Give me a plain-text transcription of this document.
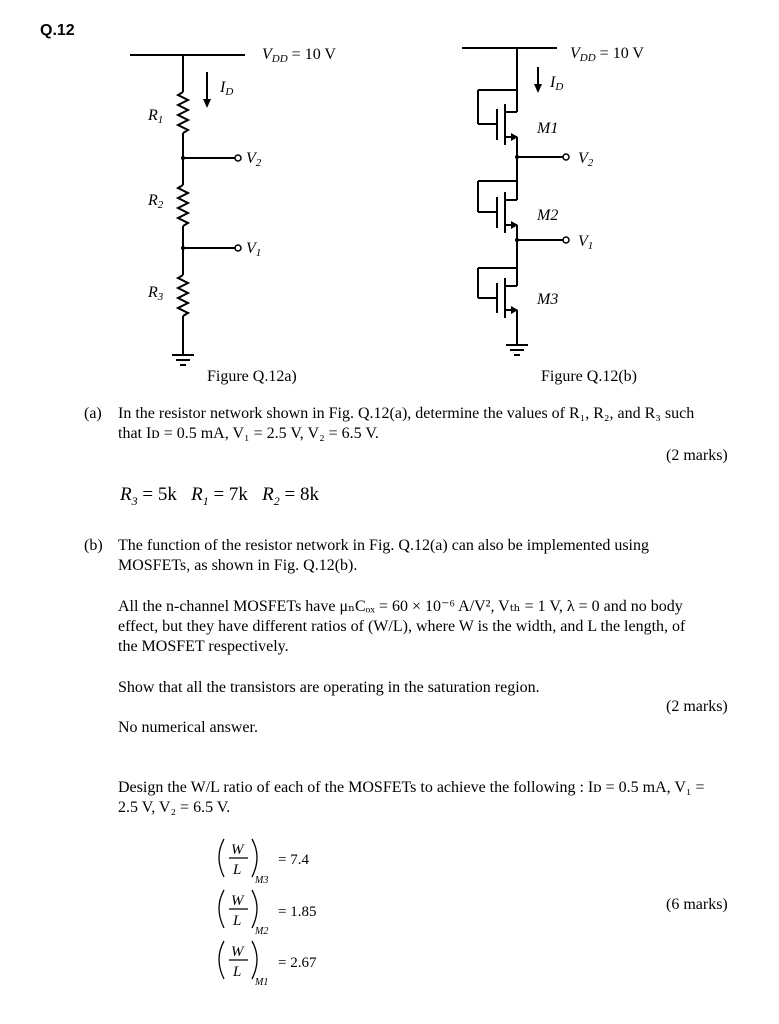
Q.12
VDD = 10 V
ID
R1
R2
R3
V2
V1
Figure Q.12a)
VDD = 10 V
ID
M1
M2
M3
V2
V1
Figure Q.12(b)
(a) In the resistor network shown in Fig. Q.12(a), determine the values of R₁, R₂, and R₃ such
that Iᴅ = 0.5 mA, V₁ = 2.5 V, V₂ = 6.5 V.
(2 marks)
$R_3 = 5k$ $R_1 = 7k$ $R_2 = 8k$
(b) The function of the resistor network in Fig. Q.12(a) can also be implemented using
MOSFETs, as shown in Fig. Q.12(b).
All the n-channel MOSFETs have μₙCₒₓ = 60 × 10⁻⁶ A/V², Vₜₕ = 1 V, λ = 0 and no body
effect, but they have different ratios of (W/L), where W is the width, and L the length, of
the MOSFET respectively.
Show that all the transistors are operating in the saturation region.
(2 marks)
No numerical answer.
Design the W/L ratio of each of the MOSFETs to achieve the following : Iᴅ = 0.5 mA, V₁ =
2.5 V, V₂ = 6.5 V.
(6 marks)
W
L
M3
W
L
M2
W
L
M1
= 7.4
= 1.85
= 2.67
